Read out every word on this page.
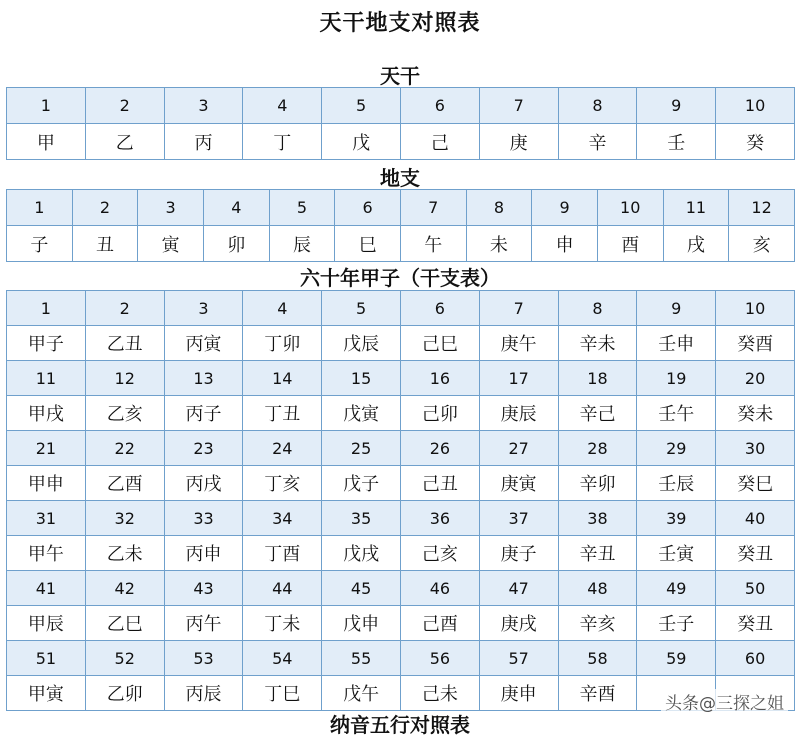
天干地支对照表
天干
1	2	3	4	5	6	7	8	9	10
甲	乙	丙	丁	戊	己	庚	辛	壬	癸
地支
1	2	3	4	5	6	7	8	9	10	11	12
子	丑	寅	卯	辰	巳	午	未	申	酉	戌	亥
六十年甲子（干支表）
1	2	3	4	5	6	7	8	9	10
甲子	乙丑	丙寅	丁卯	戊辰	己巳	庚午	辛未	壬申	癸酉
11	12	13	14	15	16	17	18	19	20
甲戌	乙亥	丙子	丁丑	戊寅	己卯	庚辰	辛己	壬午	癸未
21	22	23	24	25	26	27	28	29	30
甲申	乙酉	丙戌	丁亥	戊子	己丑	庚寅	辛卯	壬辰	癸巳
31	32	33	34	35	36	37	38	39	40
甲午	乙未	丙申	丁酉	戊戌	己亥	庚子	辛丑	壬寅	癸丑
41	42	43	44	45	46	47	48	49	50
甲辰	乙巳	丙午	丁未	戊申	己酉	庚戌	辛亥	壬子	癸丑
51	52	53	54	55	56	57	58	59	60
甲寅	乙卯	丙辰	丁巳	戊午	己未	庚申	辛酉		
纳音五行对照表
头条@三探之姐
